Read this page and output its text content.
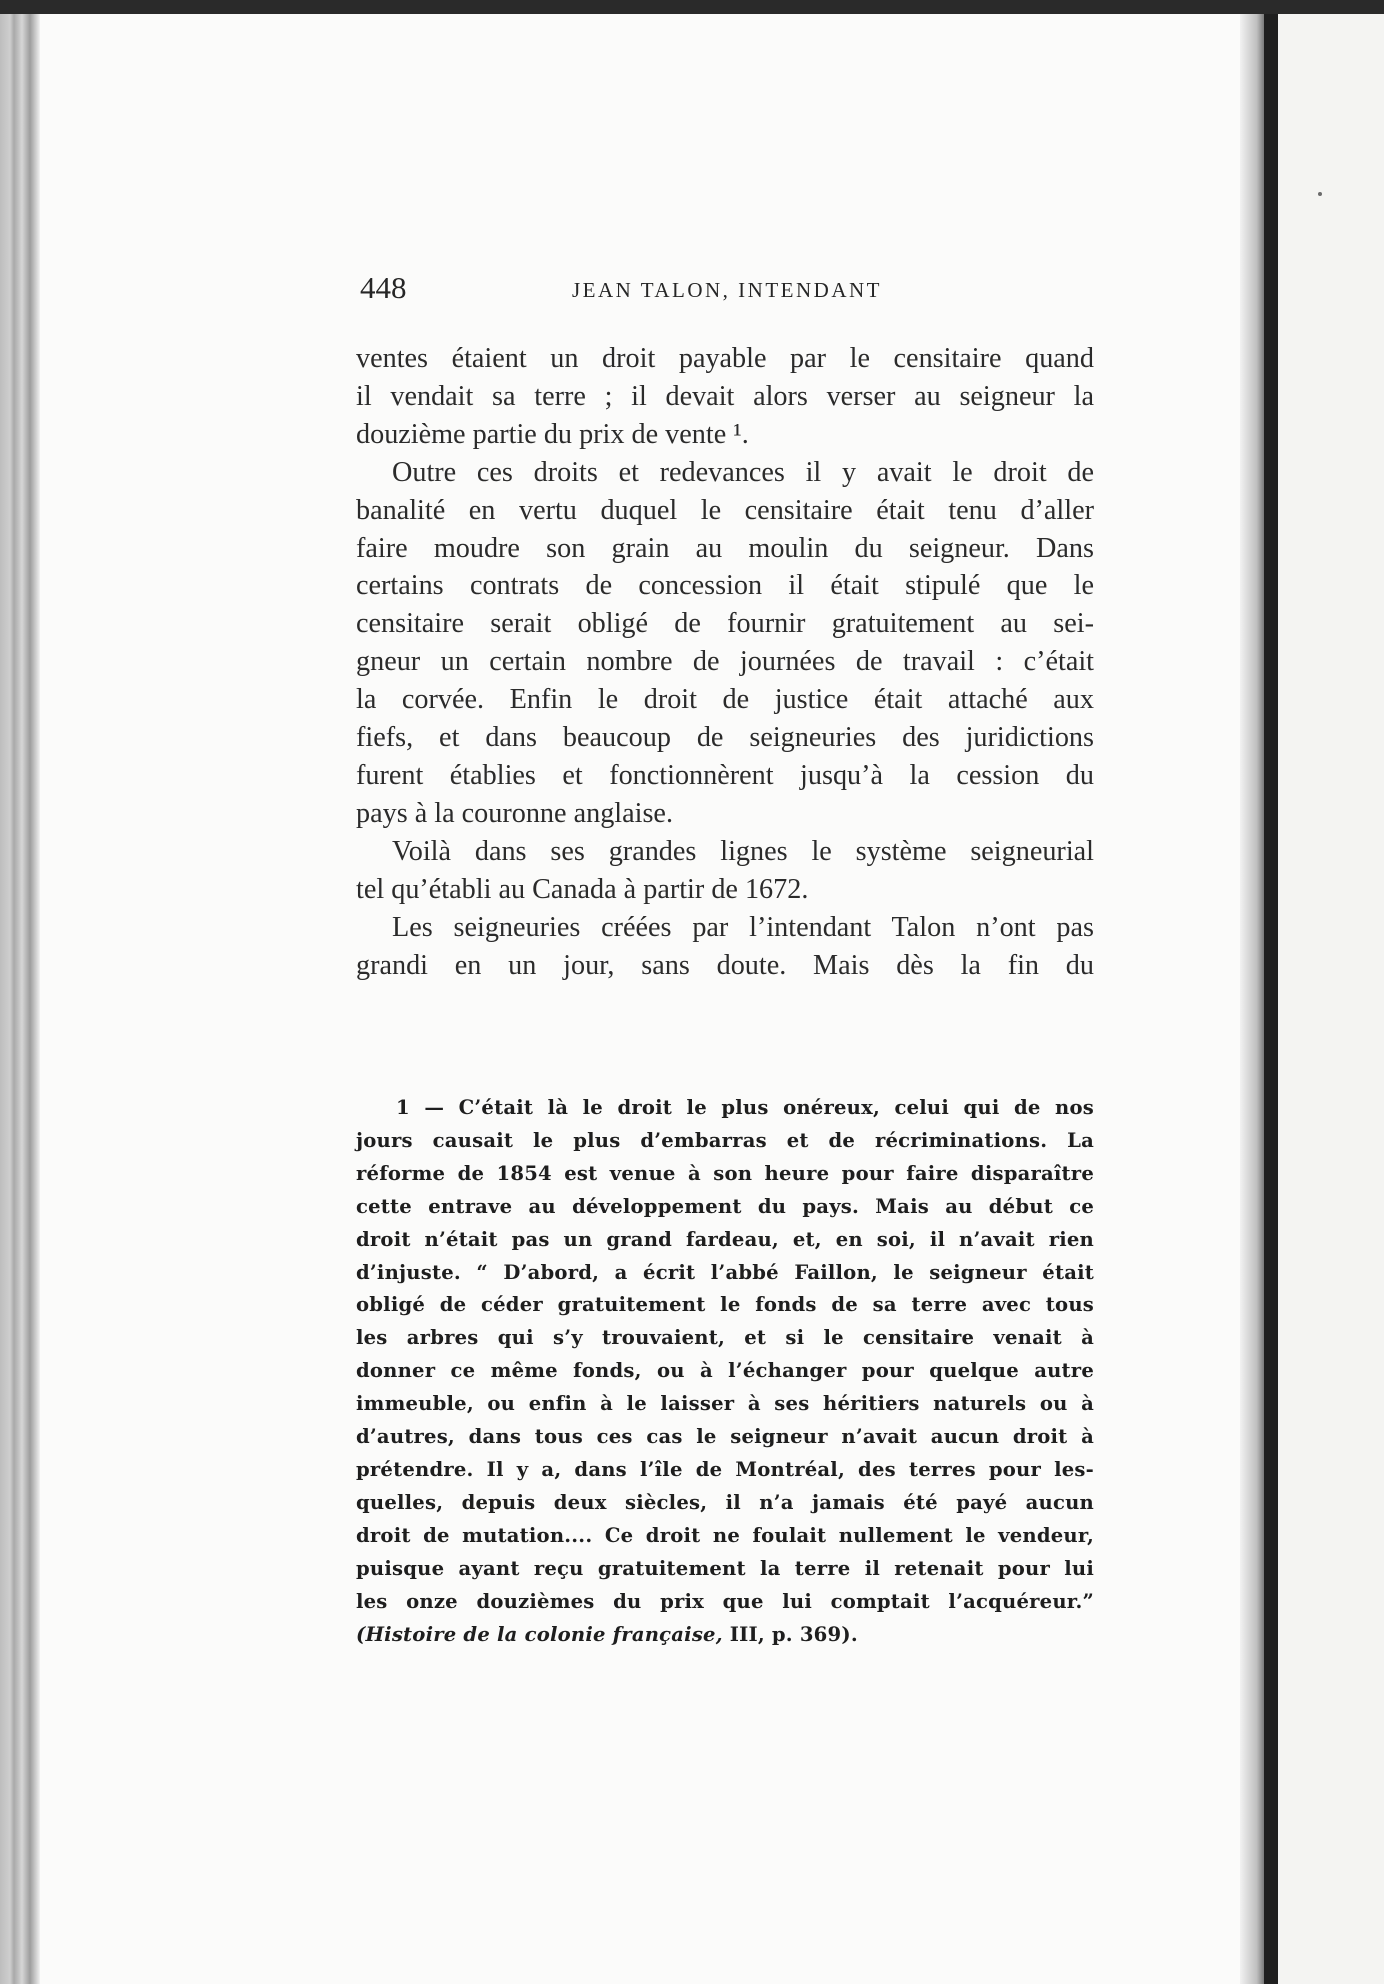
448	JEAN TALON, INTENDANT
ventes étaient un droit payable par le censitaire quand
il vendait sa terre ; il devait alors verser au seigneur la
douzième partie du prix de vente ¹.
Outre ces droits et redevances il y avait le droit de
banalité en vertu duquel le censitaire était tenu d’aller
faire moudre son grain au moulin du seigneur. Dans
certains contrats de concession il était stipulé que le
censitaire serait obligé de fournir gratuitement au sei-
gneur un certain nombre de journées de travail : c’était
la corvée. Enfin le droit de justice était attaché aux
fiefs, et dans beaucoup de seigneuries des juridictions
furent établies et fonctionnèrent jusqu’à la cession du
pays à la couronne anglaise.
Voilà dans ses grandes lignes le système seigneurial
tel qu’établi au Canada à partir de 1672.
Les seigneuries créées par l’intendant Talon n’ont pas
grandi en un jour, sans doute. Mais dès la fin du
1 — C’était là le droit le plus onéreux, celui qui de nos
jours causait le plus d’embarras et de récriminations. La
réforme de 1854 est venue à son heure pour faire disparaître
cette entrave au développement du pays. Mais au début ce
droit n’était pas un grand fardeau, et, en soi, il n’avait rien
d’injuste. “ D’abord, a écrit l’abbé Faillon, le seigneur était
obligé de céder gratuitement le fonds de sa terre avec tous
les arbres qui s’y trouvaient, et si le censitaire venait à
donner ce même fonds, ou à l’échanger pour quelque autre
immeuble, ou enfin à le laisser à ses héritiers naturels ou à
d’autres, dans tous ces cas le seigneur n’avait aucun droit à
prétendre. Il y a, dans l’île de Montréal, des terres pour les-
quelles, depuis deux siècles, il n’a jamais été payé aucun
droit de mutation.... Ce droit ne foulait nullement le vendeur,
puisque ayant reçu gratuitement la terre il retenait pour lui
les onze douzièmes du prix que lui comptait l’acquéreur.”
(Histoire de la colonie française, III, p. 369).
